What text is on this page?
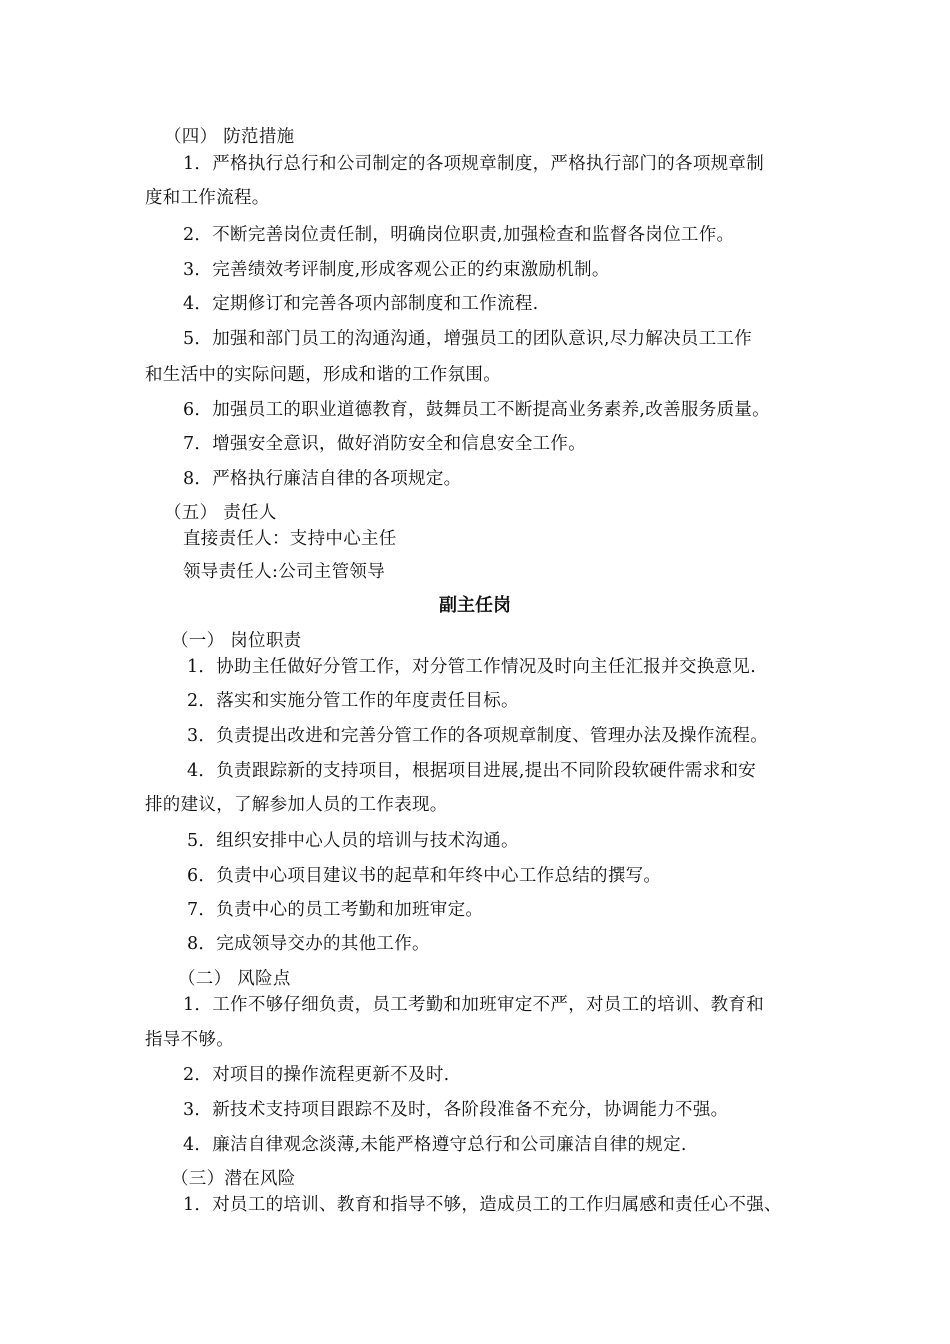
（四） 防范措施
1．严格执行总行和公司制定的各项规章制度，严格执行部门的各项规章制
度和工作流程。
2．不断完善岗位责任制，明确岗位职责,加强检查和监督各岗位工作。
3．完善绩效考评制度,形成客观公正的约束激励机制。
4．定期修订和完善各项内部制度和工作流程.
5．加强和部门员工的沟通沟通，增强员工的团队意识,尽力解决员工工作
和生活中的实际问题，形成和谐的工作氛围。
6．加强员工的职业道德教育，鼓舞员工不断提高业务素养,改善服务质量。
7．增强安全意识，做好消防安全和信息安全工作。
8．严格执行廉洁自律的各项规定。
（五） 责任人
直接责任人：支持中心主任
领导责任人:公司主管领导
副主任岗
（一） 岗位职责
1．协助主任做好分管工作，对分管工作情况及时向主任汇报并交换意见.
2．落实和实施分管工作的年度责任目标。
3．负责提出改进和完善分管工作的各项规章制度、管理办法及操作流程。
4．负责跟踪新的支持项目，根据项目进展,提出不同阶段软硬件需求和安
排的建议，了解参加人员的工作表现。
5．组织安排中心人员的培训与技术沟通。
6．负责中心项目建议书的起草和年终中心工作总结的撰写。
7．负责中心的员工考勤和加班审定。
8．完成领导交办的其他工作。
（二） 风险点
1．工作不够仔细负责，员工考勤和加班审定不严，对员工的培训、教育和
指导不够。
2．对项目的操作流程更新不及时.
3．新技术支持项目跟踪不及时，各阶段准备不充分，协调能力不强。
4．廉洁自律观念淡薄,未能严格遵守总行和公司廉洁自律的规定.
（三）潜在风险
1．对员工的培训、教育和指导不够，造成员工的工作归属感和责任心不强、
